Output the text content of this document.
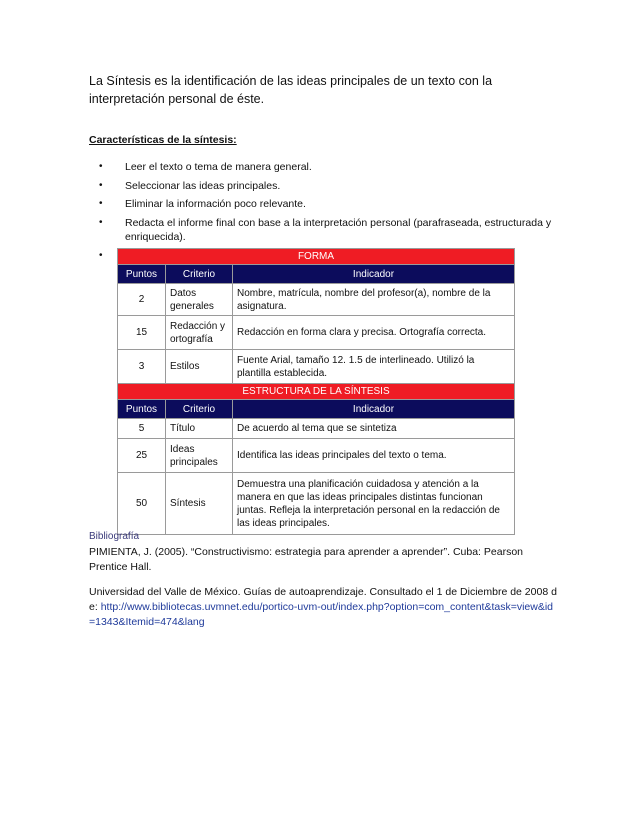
La Síntesis es la identificación de las ideas principales de un texto con la interpretación personal de éste.
Características de la síntesis:
• Leer el texto o tema de manera general.
• Seleccionar las ideas principales.
• Eliminar la información poco relevante.
• Redacta el informe final con base a la interpretación personal (parafraseada, estructurada y enriquecida).
•	FORMA		
Puntos	Criterio	Indicador
2	Datos generales	Nombre, matrícula, nombre del profesor(a), nombre de la asignatura.
15	Redacción y ortografía	Redacción en forma clara y precisa. Ortografía correcta.
3	Estilos	Fuente Arial, tamaño 12. 1.5 de interlineado. Utilizó la plantilla establecida.
ESTRUCTURA DE LA SÍNTESIS		
Puntos	Criterio	Indicador
5	Título	De acuerdo al tema que se sintetiza
25	Ideas principales	Identifica las ideas principales del texto o tema.
50	Síntesis	Demuestra una planificación cuidadosa y atención a la manera en que las ideas principales distintas funcionan juntas. Refleja la interpretación personal en la redacción de las ideas principales.
Bibliografía
PIMIENTA, J. (2005). “Constructivismo: estrategia para aprender a aprender”. Cuba: Pearson Prentice Hall.
Universidad del Valle de México. Guías de autoaprendizaje. Consultado el 1 de Diciembre de 2008 de: http://www.bibliotecas.uvmnet.edu/portico-uvm-out/index.php?option=com_content&task=view&id=1343&Itemid=474&lang
